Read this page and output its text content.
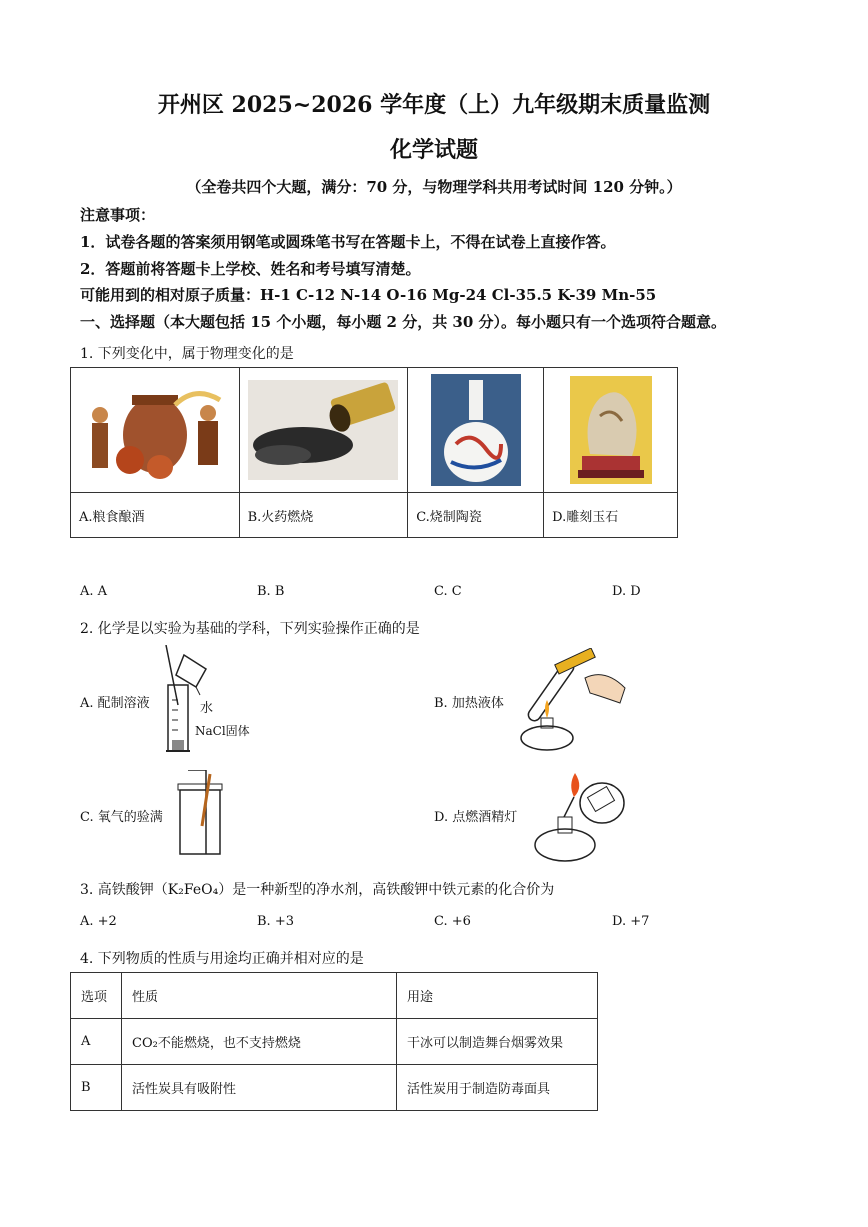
开州区 2025~2026 学年度（上）九年级期末质量监测
化学试题
（全卷共四个大题，满分：70 分，与物理学科共用考试时间 120 分钟。）
注意事项：
1．试卷各题的答案须用钢笔或圆珠笔书写在答题卡上，不得在试卷上直接作答。
2．答题前将答题卡上学校、姓名和考号填写清楚。
可能用到的相对原子质量：H-1 C-12 N-14 O-16 Mg-24 Cl-35.5 K-39 Mn-55
一、选择题（本大题包括 15 个小题，每小题 2 分，共 30 分）。每小题只有一个选项符合题意。
1. 下列变化中，属于物理变化的是

A.粮食酿酒	B.火药燃烧	C.烧制陶瓷	D.雕刻玉石
A. A	B. B	C. C	D. D
2. 化学是以实验为基础的学科，下列实验操作正确的是
A. 配制溶液	水
NaCl固体
B. 加热液体
C. 氧气的验满	D. 点燃酒精灯
3. 高铁酸钾（K₂FeO₄）是一种新型的净水剂，高铁酸钾中铁元素的化合价为
A. +2	B. +3	C. +6	D. +7
4. 下列物质的性质与用途均正确并相对应的是
选项	性质	用途
A	CO₂不能燃烧，也不支持燃烧	干冰可以制造舞台烟雾效果
B	活性炭具有吸附性	活性炭用于制造防毒面具
